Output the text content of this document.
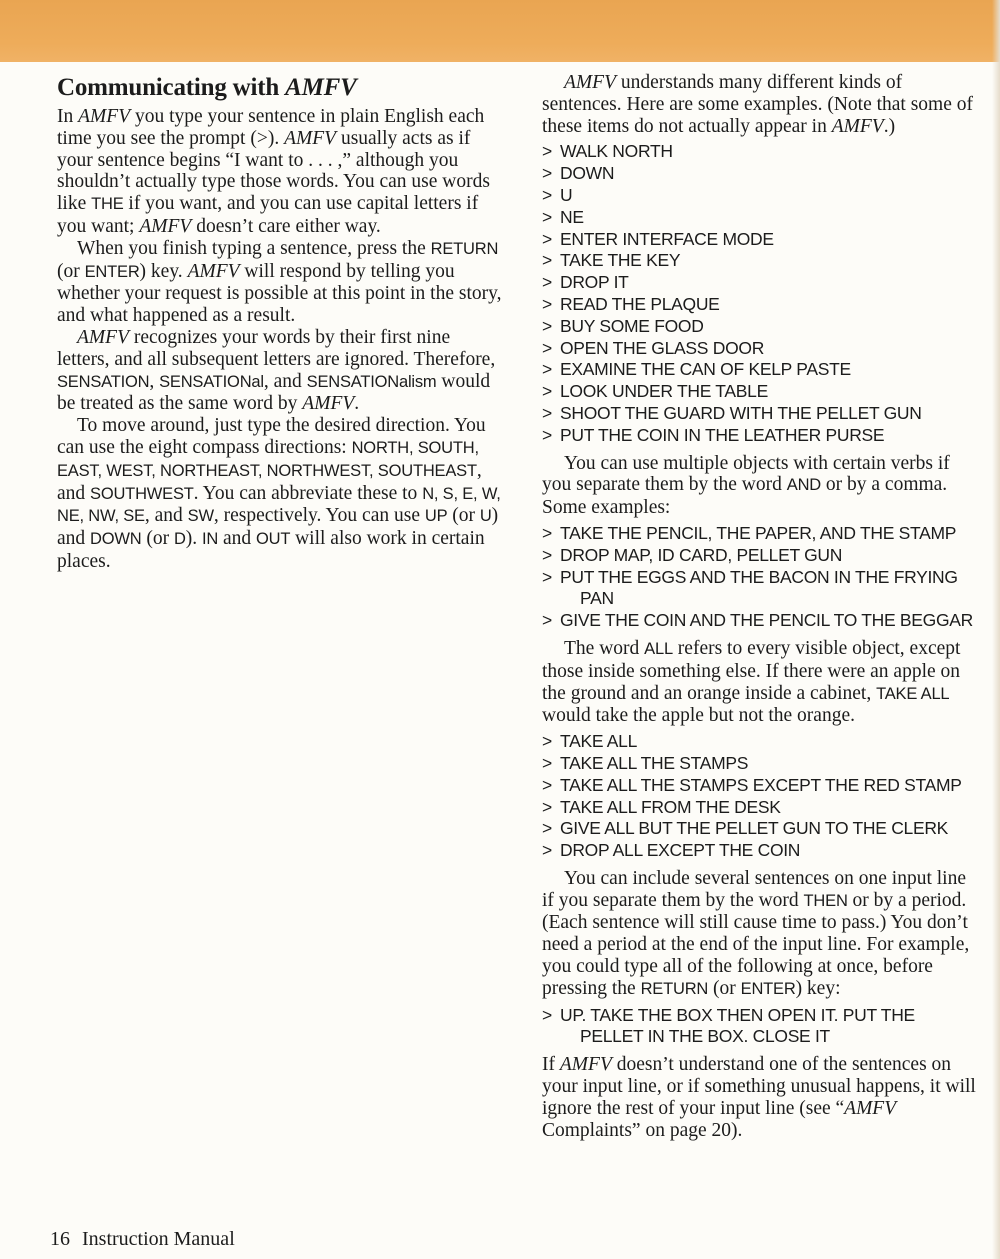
Communicating with AMFV

In AMFV you type your sentence in plain English each time you see the prompt (>). AMFV usually acts as if your sentence begins “I want to . . . ,” although you shouldn’t actually type those words. You can use words like THE if you want, and you can use capital letters if you want; AMFV doesn’t care either way.

When you finish typing a sentence, press the RETURN (or ENTER) key. AMFV will respond by telling you whether your request is possible at this point in the story, and what happened as a result.

AMFV recognizes your words by their first nine letters, and all subsequent letters are ignored. Therefore, SENSATION, SENSATIONal, and SENSATIONalism would be treated as the same word by AMFV.

To move around, just type the desired direction. You can use the eight compass directions: NORTH, SOUTH, EAST, WEST, NORTHEAST, NORTHWEST, SOUTHEAST, and SOUTHWEST. You can abbreviate these to N, S, E, W, NE, NW, SE, and SW, respectively. You can use UP (or U) and DOWN (or D). IN and OUT will also work in certain places.

AMFV understands many different kinds of sentences. Here are some examples. (Note that some of these items do not actually appear in AMFV.)

> WALK NORTH
> DOWN
> U
> NE
> ENTER INTERFACE MODE
> TAKE THE KEY
> DROP IT
> READ THE PLAQUE
> BUY SOME FOOD
> OPEN THE GLASS DOOR
> EXAMINE THE CAN OF KELP PASTE
> LOOK UNDER THE TABLE
> SHOOT THE GUARD WITH THE PELLET GUN
> PUT THE COIN IN THE LEATHER PURSE

You can use multiple objects with certain verbs if you separate them by the word AND or by a comma. Some examples:

> TAKE THE PENCIL, THE PAPER, AND THE STAMP
> DROP MAP, ID CARD, PELLET GUN
> PUT THE EGGS AND THE BACON IN THE FRYING PAN
> GIVE THE COIN AND THE PENCIL TO THE BEGGAR

The word ALL refers to every visible object, except those inside something else. If there were an apple on the ground and an orange inside a cabinet, TAKE ALL would take the apple but not the orange.

> TAKE ALL
> TAKE ALL THE STAMPS
> TAKE ALL THE STAMPS EXCEPT THE RED STAMP
> TAKE ALL FROM THE DESK
> GIVE ALL BUT THE PELLET GUN TO THE CLERK
> DROP ALL EXCEPT THE COIN

You can include several sentences on one input line if you separate them by the word THEN or by a period. (Each sentence will still cause time to pass.) You don’t need a period at the end of the input line. For example, you could type all of the following at once, before pressing the RETURN (or ENTER) key:

> UP. TAKE THE BOX THEN OPEN IT. PUT THE PELLET IN THE BOX. CLOSE IT

If AMFV doesn’t understand one of the sentences on your input line, or if something unusual happens, it will ignore the rest of your input line (see “AMFV Complaints” on page 20).

16 Instruction Manual
